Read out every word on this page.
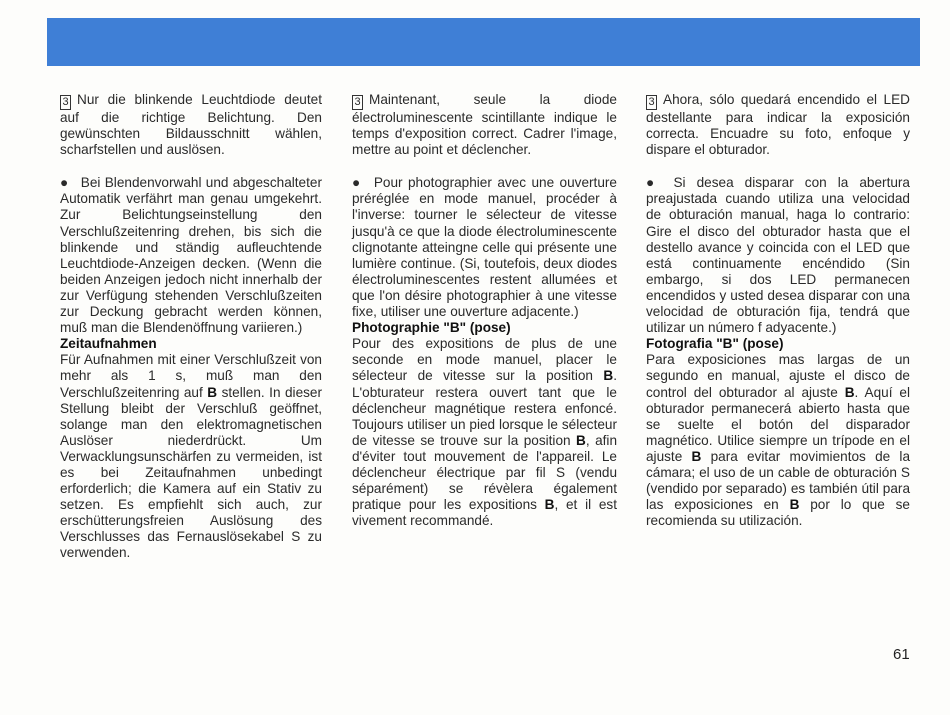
3 Nur die blinkende Leuchtdiode deutet auf die richtige Belichtung. Den gewünschten Bildausschnitt wählen, scharfstellen und auslösen.

● Bei Blendenvorwahl und abgeschalteter Automatik verfährt man genau umgekehrt. Zur Belichtungseinstellung den Verschlußzeitenring drehen, bis sich die blinkende und ständig aufleuchtende Leuchtdiode-Anzeigen decken. (Wenn die beiden Anzeigen jedoch nicht innerhalb der zur Verfügung stehenden Verschlußzeiten zur Deckung gebracht werden können, muß man die Blendenöffnung variieren.)

Zeitaufnahmen

Für Aufnahmen mit einer Verschlußzeit von mehr als 1 s, muß man den Verschlußzeitenring auf B stellen. In dieser Stellung bleibt der Verschluß geöffnet, solange man den elektromagnetischen Auslöser niederdrückt. Um Verwacklungsunschärfen zu vermeiden, ist es bei Zeitaufnahmen unbedingt erforderlich; die Kamera auf ein Stativ zu setzen. Es empfiehlt sich auch, zur erschütterungsfreien Auslösung des Verschlusses das Fernauslösekabel S zu verwenden.

3 Maintenant, seule la diode électroluminescente scintillante indique le temps d'exposition correct. Cadrer l'image, mettre au point et déclencher.

● Pour photographier avec une ouverture préréglée en mode manuel, procéder à l'inverse: tourner le sélecteur de vitesse jusqu'à ce que la diode électroluminescente clignotante atteingne celle qui présente une lumière continue. (Si, toutefois, deux diodes électroluminescentes restent allumées et que l'on désire photographier à une vitesse fixe, utiliser une ouverture adjacente.)

Photographie "B" (pose)

Pour des expositions de plus de une seconde en mode manuel, placer le sélecteur de vitesse sur la position B. L'obturateur restera ouvert tant que le déclencheur magnétique restera enfoncé. Toujours utiliser un pied lorsque le sélecteur de vitesse se trouve sur la position B, afin d'éviter tout mouvement de l'appareil. Le déclencheur électrique par fil S (vendu séparément) se révèlera également pratique pour les expositions B, et il est vivement recommandé.

3 Ahora, sólo quedará encendido el LED destellante para indicar la exposición correcta. Encuadre su foto, enfoque y dispare el obturador.

● Si desea disparar con la abertura preajustada cuando utiliza una velocidad de obturación manual, haga lo contrario: Gire el disco del obturador hasta que el destello avance y coincida con el LED que está continuamente encéndido (Sin embargo, si dos LED permanecen encendidos y usted desea disparar con una velocidad de obturación fija, tendrá que utilizar un número f adyacente.)

Fotografia "B" (pose)

Para exposiciones mas largas de un segundo en manual, ajuste el disco de control del obturador al ajuste B. Aquí el obturador permanecerá abierto hasta que se suelte el botón del disparador magnético. Utilice siempre un trípode en el ajuste B para evitar movimientos de la cámara; el uso de un cable de obturación S (vendido por separado) es también útil para las exposiciones en B por lo que se recomienda su utilización.

61
